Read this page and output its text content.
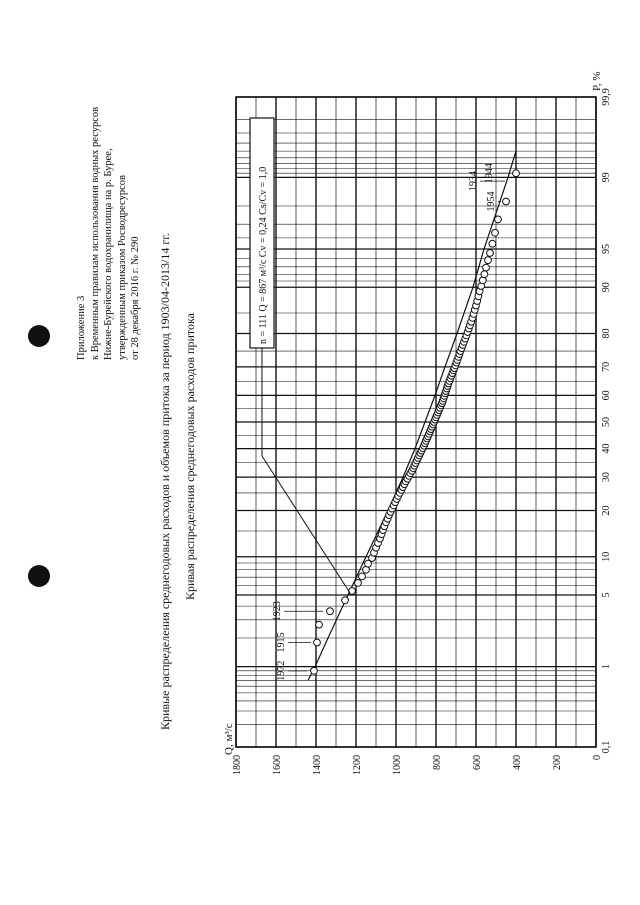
Приложение 3 к Временным правилам использования водных ресурсов Нижне-Бурейского водохранилища на р. Бурее, утвержденным приказом Росводресурсов от 28 декабря 2016 г. № 290 Кривые распределения среднегодовых расходов и объемов притока за период 1903/04-2013/14 гг. Кривая распределения среднегодовых расходов притока
n = 111 Q = 867 м³/с Cv = 0,24 Cs/Cv = 1,0
1972
1915
1923
1954
1934 1944
0
200
400
600
800
1000
1200
1400
1600
1800
0,1
1
5
10
20
30
40
50
60
70
80
90
95
99
99,9
P, %
Q, м³/с
